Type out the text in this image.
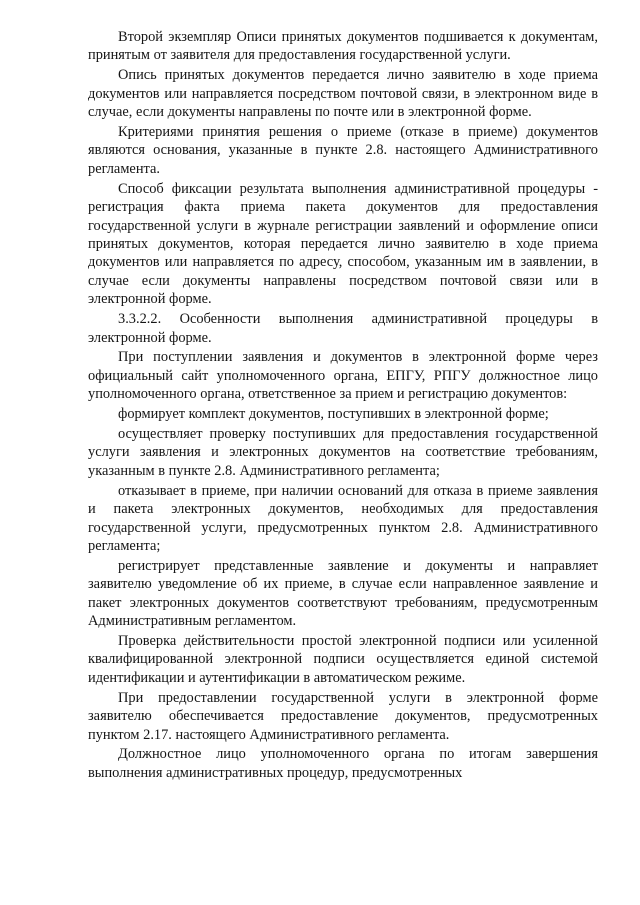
Второй экземпляр Описи принятых документов подшивается к документам, принятым от заявителя для предоставления государственной услуги.

Опись принятых документов передается лично заявителю в ходе приема документов или направляется посредством почтовой связи, в электронном виде в случае, если документы направлены по почте или в электронной форме.

Критериями принятия решения о приеме (отказе в приеме) документов являются основания, указанные в пункте 2.8. настоящего Административного регламента.

Способ фиксации результата выполнения административной процедуры - регистрация факта приема пакета документов для предоставления государственной услуги в журнале регистрации заявлений и оформление описи принятых документов, которая передается лично заявителю в ходе приема документов или направляется по адресу, способом, указанным им в заявлении, в случае если документы направлены посредством почтовой связи или в электронной форме.

3.3.2.2. Особенности выполнения административной процедуры в электронной форме.

При поступлении заявления и документов в электронной форме через официальный сайт уполномоченного органа, ЕПГУ, РПГУ должностное лицо уполномоченного органа, ответственное за прием и регистрацию документов:

формирует комплект документов, поступивших в электронной форме;

осуществляет проверку поступивших для предоставления государственной услуги заявления и электронных документов на соответствие требованиям, указанным в пункте 2.8. Административного регламента;

отказывает в приеме, при наличии оснований для отказа в приеме заявления и пакета электронных документов, необходимых для предоставления государственной услуги, предусмотренных пунктом 2.8. Административного регламента;

регистрирует представленные заявление и документы и направляет заявителю уведомление об их приеме, в случае если направленное заявление и пакет электронных документов соответствуют требованиям, предусмотренным Административным регламентом.

Проверка действительности простой электронной подписи или усиленной квалифицированной электронной подписи осуществляется единой системой идентификации и аутентификации в автоматическом режиме.

При предоставлении государственной услуги в электронной форме заявителю обеспечивается предоставление документов, предусмотренных пунктом 2.17. настоящего Административного регламента.

Должностное лицо уполномоченного органа по итогам завершения выполнения административных процедур, предусмотренных
